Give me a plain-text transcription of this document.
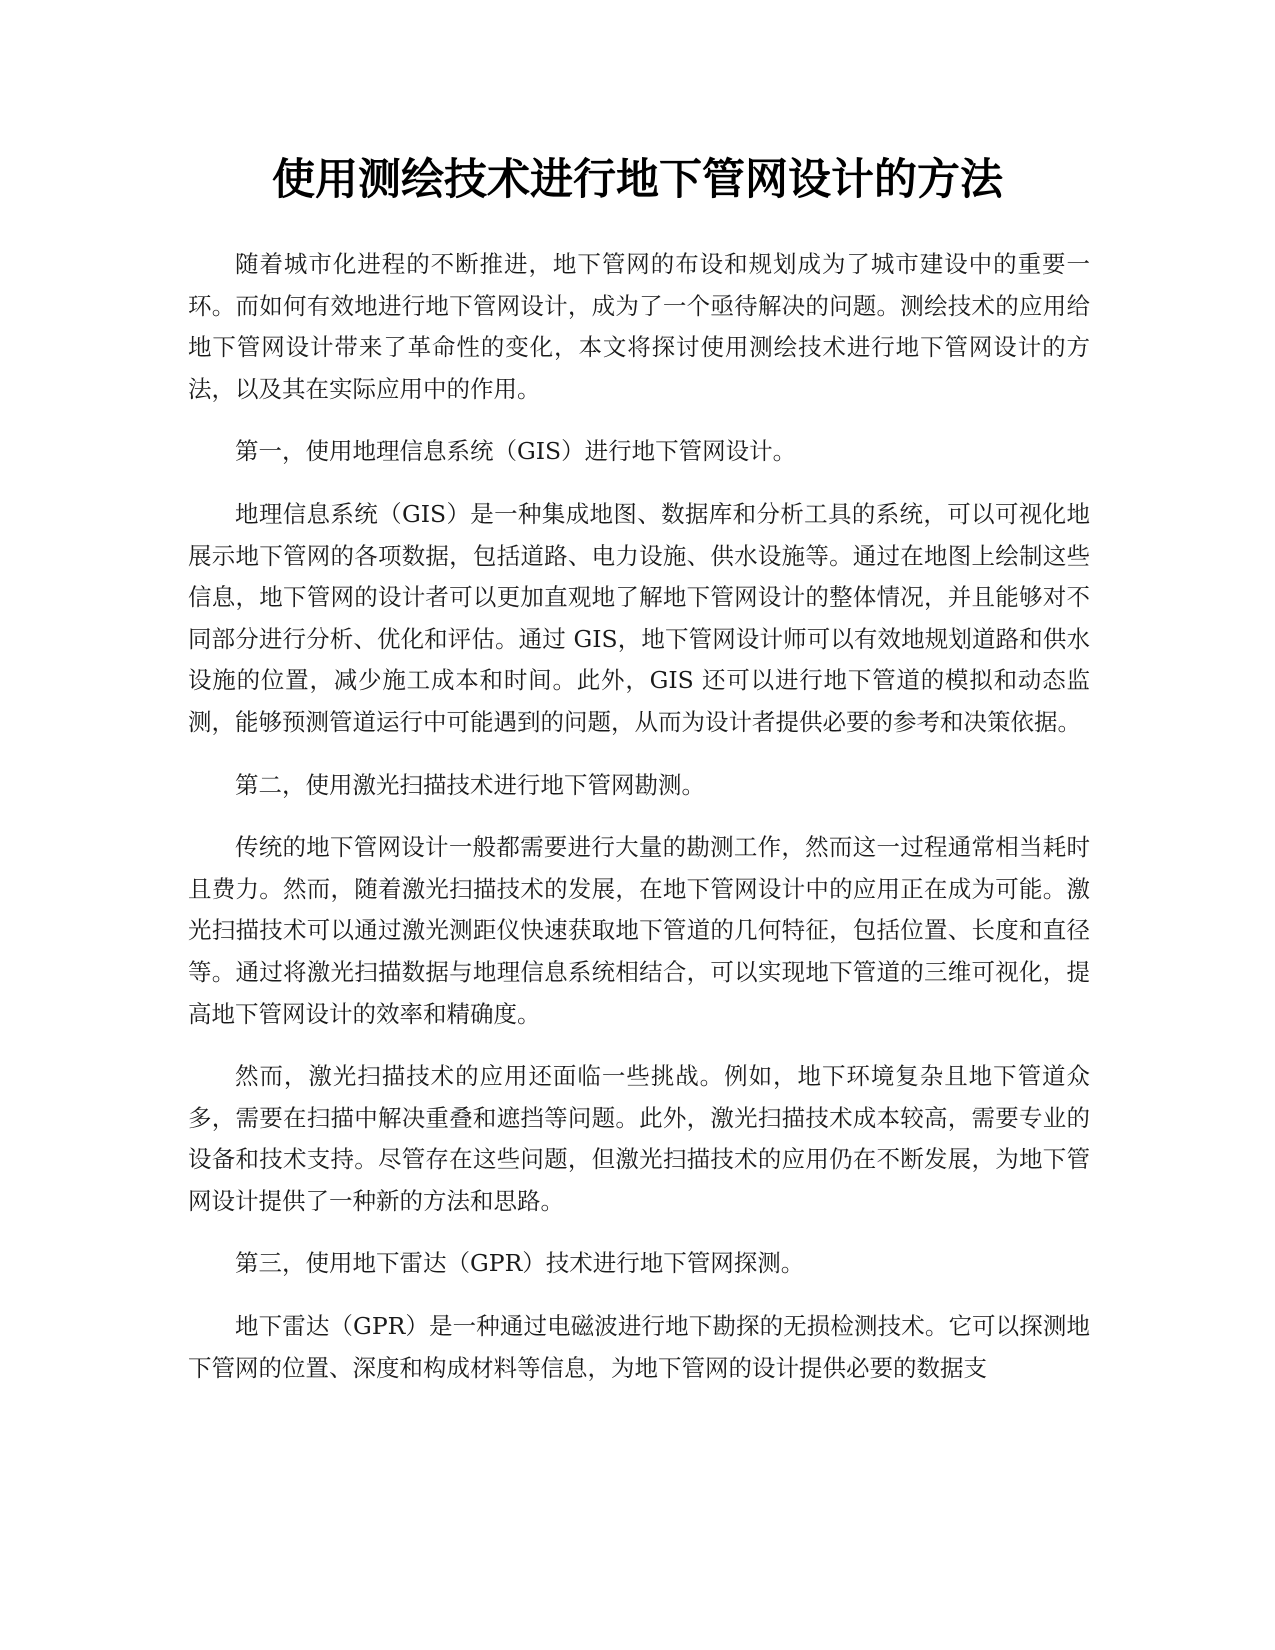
使用测绘技术进行地下管网设计的方法

随着城市化进程的不断推进，地下管网的布设和规划成为了城市建设中的重要一环。而如何有效地进行地下管网设计，成为了一个亟待解决的问题。测绘技术的应用给地下管网设计带来了革命性的变化，本文将探讨使用测绘技术进行地下管网设计的方法，以及其在实际应用中的作用。

第一，使用地理信息系统（GIS）进行地下管网设计。

地理信息系统（GIS）是一种集成地图、数据库和分析工具的系统，可以可视化地展示地下管网的各项数据，包括道路、电力设施、供水设施等。通过在地图上绘制这些信息，地下管网的设计者可以更加直观地了解地下管网设计的整体情况，并且能够对不同部分进行分析、优化和评估。通过 GIS，地下管网设计师可以有效地规划道路和供水设施的位置，减少施工成本和时间。此外，GIS 还可以进行地下管道的模拟和动态监测，能够预测管道运行中可能遇到的问题，从而为设计者提供必要的参考和决策依据。

第二，使用激光扫描技术进行地下管网勘测。

传统的地下管网设计一般都需要进行大量的勘测工作，然而这一过程通常相当耗时且费力。然而，随着激光扫描技术的发展，在地下管网设计中的应用正在成为可能。激光扫描技术可以通过激光测距仪快速获取地下管道的几何特征，包括位置、长度和直径等。通过将激光扫描数据与地理信息系统相结合，可以实现地下管道的三维可视化，提高地下管网设计的效率和精确度。

然而，激光扫描技术的应用还面临一些挑战。例如，地下环境复杂且地下管道众多，需要在扫描中解决重叠和遮挡等问题。此外，激光扫描技术成本较高，需要专业的设备和技术支持。尽管存在这些问题，但激光扫描技术的应用仍在不断发展，为地下管网设计提供了一种新的方法和思路。

第三，使用地下雷达（GPR）技术进行地下管网探测。

地下雷达（GPR）是一种通过电磁波进行地下勘探的无损检测技术。它可以探测地下管网的位置、深度和构成材料等信息，为地下管网的设计提供必要的数据支
